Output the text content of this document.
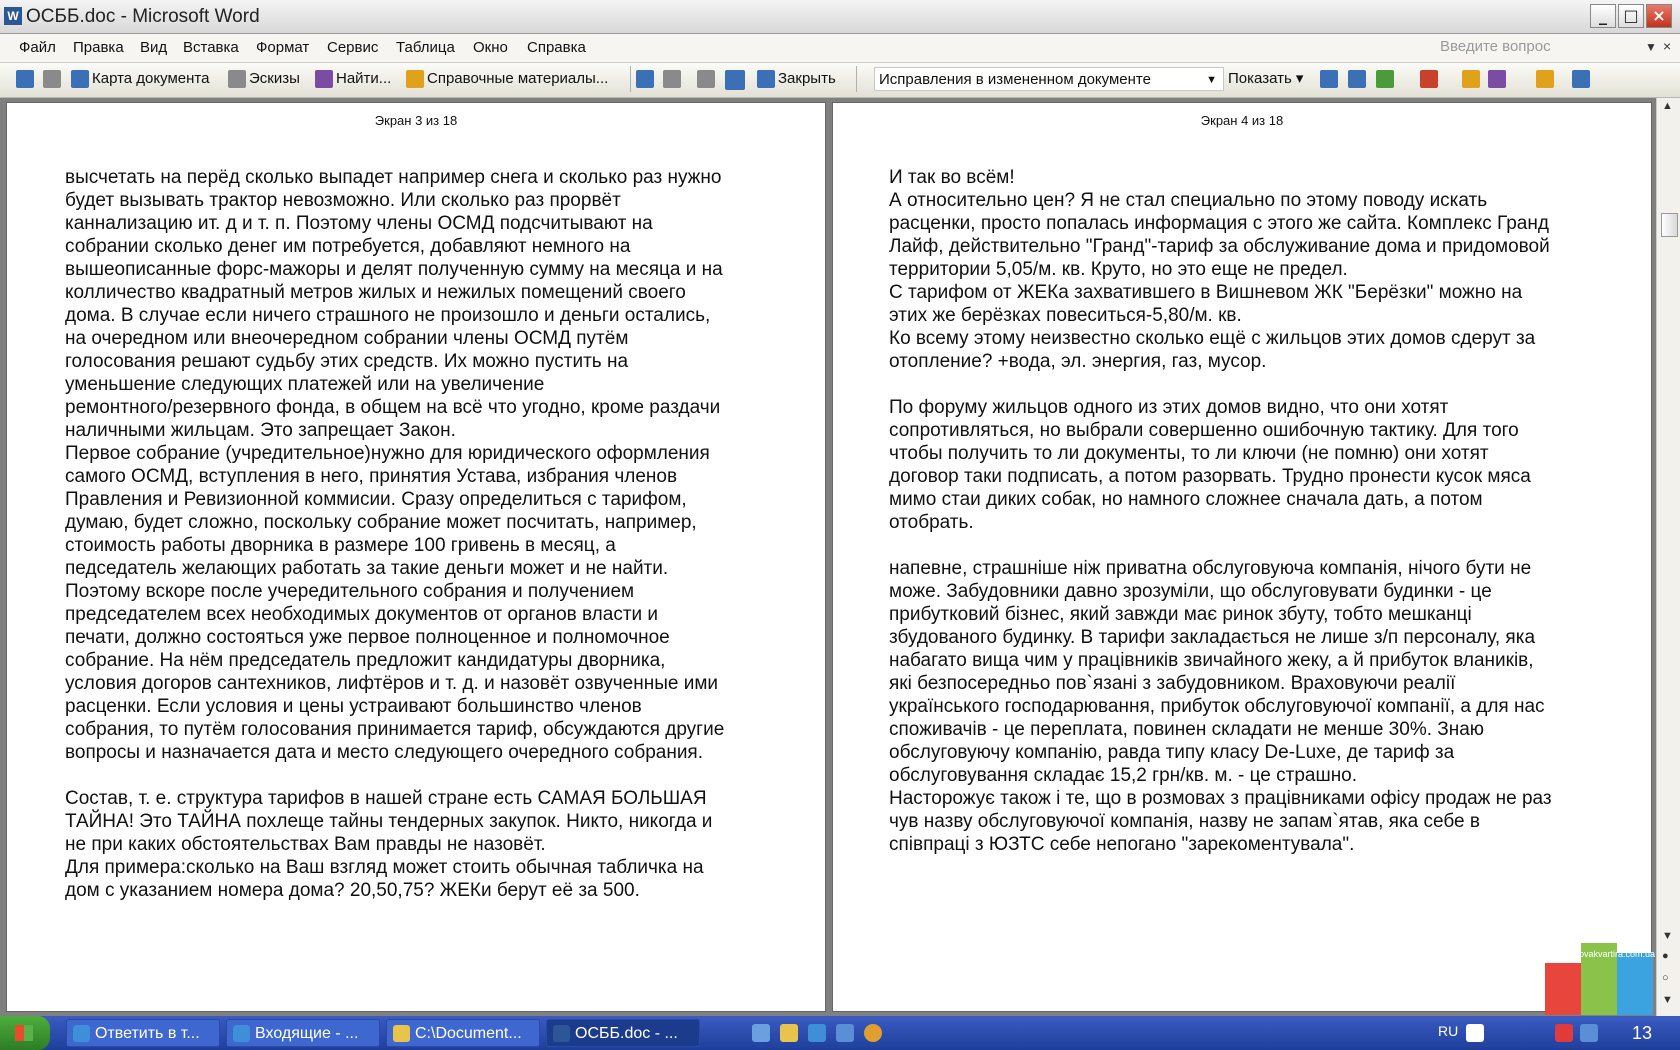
W ОСББ.doc - Microsoft Word	_	□ ×
Файл Правка Вид Вставка Формат Сервис Таблица Окно Справка	Введите вопрос	▼ ×
Карта документа	Эскизы	Найти...	Справочные материалы...	Закрыть	Исправления в измененном документе	▼ Показать ▾
Экран 3 из 18

высчетать на перёд сколько выпадет например снега и сколько раз нужно

будет вызывать трактор невозможно. Или сколько раз прорвёт

каннализацию ит. д и т. п. Поэтому члены ОСМД подсчитывают на

собрании сколько денег им потребуется, добавляют немного на

вышеописанные форс-мажоры и делят полученную сумму на месяца и на

колличество квадратный метров жилых и нежилых помещений своего

дома. В случае если ничего страшного не произошло и деньги остались,

на очередном или внеочередном собрании члены ОСМД путём

голосования решают судьбу этих средств. Их можно пустить на

уменьшение следующих платежей или на увеличение

ремонтного/резервного фонда, в общем на всё что угодно, кроме раздачи

наличными жильцам. Это запрещает Закон.

Первое собрание (учредительное)нужно для юридического оформления

самого ОСМД, вступления в него, принятия Устава, избрания членов

Правления и Ревизионной коммисии. Сразу определиться с тарифом,

думаю, будет сложно, поскольку собрание может посчитать, например,

стоимость работы дворника в размере 100 гривень в месяц, а

педседатель желающих работать за такие деньги может и не найти.

Поэтому вскоре после учередительного собрания и получением

председателем всех необходимых документов от органов власти и

печати, должно состояться уже первое полноценное и полномочное

собрание. На нём председатель предложит кандидатуры дворника,

условия догоров сантехников, лифтёров и т. д. и назовёт озвученные ими

расценки. Если условия и цены устраивают большинство членов

собрания, то путём голосования принимается тариф, обсуждаются другие

вопросы и назначается дата и место следующего очередного собрания.

Состав, т. е. структура тарифов в нашей стране есть САМАЯ БОЛЬШАЯ

ТАЙНА! Это ТАЙНА похлеще тайны тендерных закупок. Никто, никогда и

не при каких обстоятельствах Вам правды не назовёт.

Для примера:сколько на Ваш взгляд может стоить обычная табличка на

дом с указанием номера дома? 20,50,75? ЖЕКи берут её за 500.

Экран 4 из 18

И так во всём!

А относительно цен? Я не стал специально по этому поводу искать

расценки, просто попалась информация с этого же сайта. Комплекс Гранд

Лайф, действительно "Гранд"-тариф за обслуживание дома и придомовой

территории 5,05/м. кв. Круто, но это еще не предел.

С тарифом от ЖЕКа захватившего в Вишневом ЖК "Берёзки" можно на

этих же берёзках повеситься-5,80/м. кв.

Ко всему этому неизвестно сколько ещё с жильцов этих домов сдерут за

отопление? +вода, эл. энергия, газ, мусор.

По форуму жильцов одного из этих домов видно, что они хотят

сопротивляться, но выбрали совершенно ошибочную тактику. Для того

чтобы получить то ли документы, то ли ключи (не помню) они хотят

договор таки подписать, а потом разорвать. Трудно пронести кусок мяса

мимо стаи диких собак, но намного сложнее сначала дать, а потом

отобрать.

напевне, страшніше ніж приватна обслуговуюча компанія, нічого бути не

може. Забудовники давно зрозуміли, що обслуговувати будинки - це

прибутковий бізнес, який завжди має ринок збуту, тобто мешканці

збудованого будинку. В тарифи закладається не лише з/п персоналу, яка

набагато вища чим у працівників звичайного жеку, а й прибуток влаників,

які безпосередньо пов`язані з забудовником. Враховуючи реалії

українського господарювання, прибуток обслуговуючої компанії, а для нас

споживачів - це переплата, повинен складати не менше 30%. Знаю

обслуговуючу компанію, равда типу класу De-Luxe, де тариф за

обслуговування складає 15,2 грн/кв. м. - це страшно.

Насторожує також і те, що в розмовах з працівниками офісу продаж не раз

чув назву обслуговуючої компанія, назву не запам`ятав, яка себе в

співпраці з ЮЗТС себе непогано "зарекоментувала".

▲
▼
●
○
▼
novakvartira.com.ua
Ответить в т...	Входящие - ...	C:\Document...	ОСББ.doc - ...	RU	13
